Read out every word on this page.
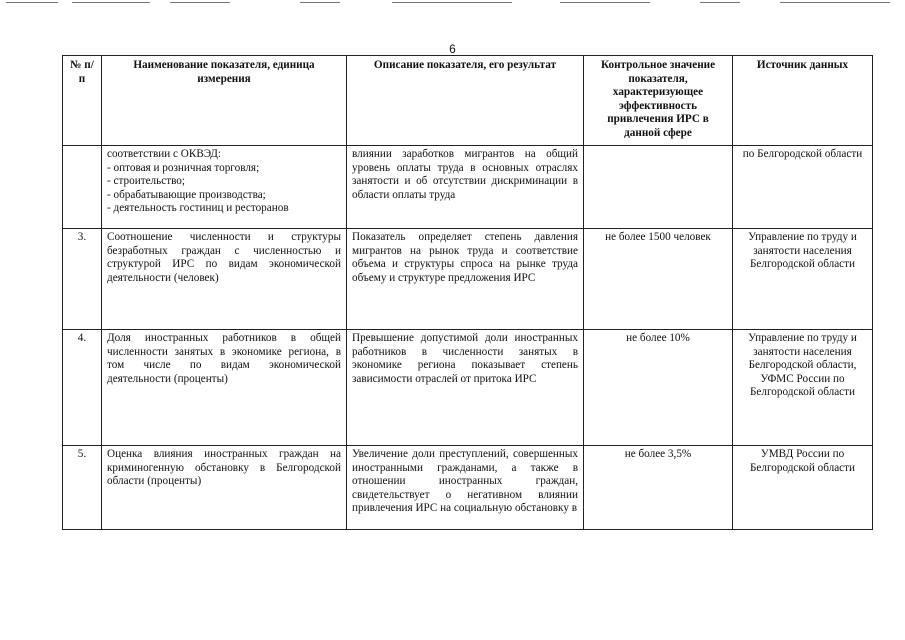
6
№ п/п	Наименование показателя, единица измерения	Описание показателя, его результат	Контрольное значение показателя, характеризующее эффективность привлечения ИРС в данной сфере	Источник данных

	соответствии с ОКВЭД:
- оптовая и розничная торговля;
- строительство;
- обрабатывающие производства;
- деятельность гостиниц и ресторанов	влиянии заработков мигрантов на общий уровень оплаты труда в основных отраслях занятости и об отсутствии дискриминации в области оплаты труда		по Белгородской области
3.	Соотношение численности и структуры безработных граждан с численностью и структурой ИРС по видам экономической деятельности (человек)	Показатель определяет степень давления мигрантов на рынок труда и соответствие объема и структуры спроса на рынке труда объему и структуре предложения ИРС	не более 1500 человек	Управление по труду и занятости населения Белгородской области
4.	Доля иностранных работников в общей численности занятых в экономике региона, в том числе по видам экономической деятельности (проценты)	Превышение допустимой доли иностранных работников в численности занятых в экономике региона показывает степень зависимости отраслей от притока ИРС	не более 10%	Управление по труду и занятости населения Белгородской области, УФМС России по Белгородской области
5.	Оценка влияния иностранных граждан на криминогенную обстановку в Белгородской области (проценты)	Увеличение доли преступлений, совершенных иностранными гражданами, а также в отношении иностранных граждан, свидетельствует о негативном влиянии привлечения ИРС на социальную обстановку в	не более 3,5%	УМВД России по Белгородской области
